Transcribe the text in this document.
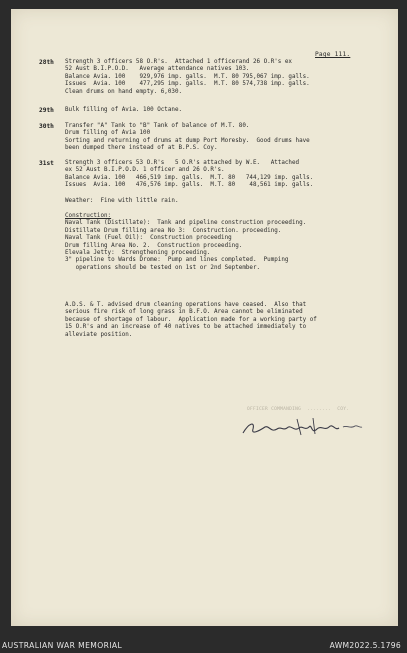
Page 111.
28th Strength 3 officers 58 O.R's.  Attached 1 officerand 26 O.R's ex
52 Aust B.I.P.O.D.   Average attendance natives 103.
Balance Avia. 100    929,976 imp. galls.  M.T. 80 795,067 imp. galls.
Issues  Avia. 100    477,295 imp. galls.  M.T. 80 574,738 imp. galls.
Clean drums on hand empty. 6,030.
29th Bulk filling of Avia. 100 Octane.
30th Transfer "A" Tank to "B" Tank of balance of M.T. 80.
Drum filling of Avia 100
Sorting and returning of drums at dump Port Moresby.  Good drums have
been dumped there instead of at B.P.S. Coy.
31st Strength 3 officers 53 O.R's   5 O.R's attached by W.E.   Attached
ex 52 Aust B.I.P.O.D. 1 officer and 26 O.R's.
Balance Avia. 100   466,519 imp. galls.  M.T. 80   744,129 imp. galls.
Issues  Avia. 100   476,576 imp. galls.  M.T. 80    48,561 imp. galls.
Weather:  Fine with little rain.
Construction:
Naval Tank (Distillate):  Tank and pipeline construction proceeding.
Distillate Drum filling area No 3:  Construction. proceeding.
Naval Tank (Fuel Oil):  Construction proceeding
Drum filling Area No. 2.  Construction proceeding.
Elevala Jetty:  Strengthening proceeding.
3" pipeline to Wards Drome:  Pump and lines completed.  Pumping
operations should be tested on 1st or 2nd September.
A.D.S. & T. advised drum cleaning operations have ceased.  Also that
serious fire risk of long grass in B.F.O. Area cannot be eliminated
because of shortage of labour.  Application made for a working party of
15 O.R's and an increase of 40 natives to be attached immediately to
alleviate position.
OFFICER COMMANDING  ........  COY.
AUSTRALIAN WAR MEMORIAL	AWM2022.5.1796
